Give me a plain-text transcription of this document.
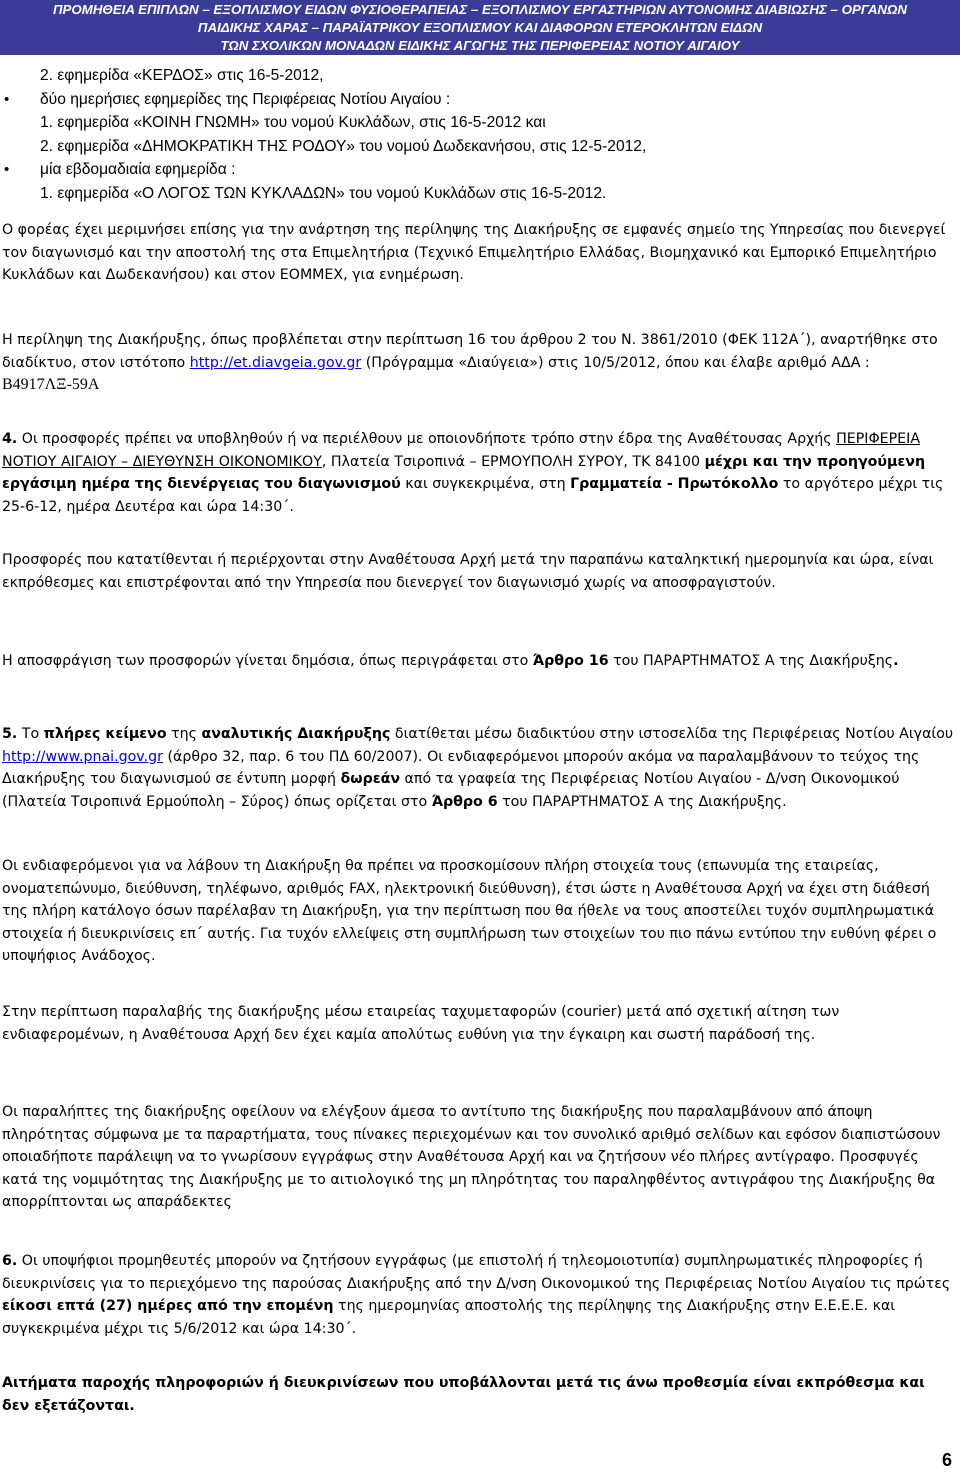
ΠΡΟΜΗΘΕΙΑ ΕΠΙΠΛΩΝ – ΕΞΟΠΛΙΣΜΟΥ ΕΙΔΩΝ ΦΥΣΙΟΘΕΡΑΠΕΙΑΣ – ΕΞΟΠΛΙΣΜΟΥ ΕΡΓΑΣΤΗΡΙΩΝ ΑΥΤΟΝΟΜΗΣ ΔΙΑΒΙΩΣΗΣ – ΟΡΓΑΝΩΝ
ΠΑΙΔΙΚΗΣ ΧΑΡΑΣ – ΠΑΡΑΪΑΤΡΙΚΟΥ ΕΞΟΠΛΙΣΜΟΥ ΚΑΙ ΔΙΑΦΟΡΩΝ ΕΤΕΡΟΚΛΗΤΩΝ ΕΙΔΩΝ
ΤΩΝ ΣΧΟΛΙΚΩΝ ΜΟΝΑΔΩΝ ΕΙΔΙΚΗΣ ΑΓΩΓΗΣ ΤΗΣ ΠΕΡΙΦΕΡΕΙΑΣ ΝΟΤΙΟΥ ΑΙΓΑΙΟΥ
2. εφημερίδα «ΚΕΡΔΟΣ» στις 16-5-2012,
• δύο ημερήσιες εφημερίδες της Περιφέρειας Νοτίου Αιγαίου :
1. εφημερίδα «ΚΟΙΝΗ ΓΝΩΜΗ» του νομού Κυκλάδων, στις 16-5-2012 και
2. εφημερίδα «ΔΗΜΟΚΡΑΤΙΚΗ ΤΗΣ ΡΟΔΟΥ» του νομού Δωδεκανήσου, στις 12-5-2012,
• μία εβδομαδιαία εφημερίδα :
1. εφημερίδα «Ο ΛΟΓΟΣ ΤΩΝ ΚΥΚΛΑΔΩΝ» του νομού Κυκλάδων στις 16-5-2012.

Ο φορέας έχει μεριμνήσει επίσης για την ανάρτηση της περίληψης της Διακήρυξης σε εμφανές σημείο της Υπηρεσίας που διενεργεί τον διαγωνισμό και την αποστολή της στα Επιμελητήρια (Τεχνικό Επιμελητήριο Ελλάδας, Βιομηχανικό και Εμπορικό Επιμελητήριο Κυκλάδων και Δωδεκανήσου) και στον ΕΟΜΜΕΧ, για ενημέρωση.

Η περίληψη της Διακήρυξης, όπως προβλέπεται στην περίπτωση 16 του άρθρου 2 του Ν. 3861/2010 (ΦΕΚ 112Α΄), αναρτήθηκε στο διαδίκτυο, στον ιστότοπο http://et.diavgeia.gov.gr (Πρόγραμμα «Διαύγεια») στις 10/5/2012, όπου και έλαβε αριθμό ΑΔΑ : Β4917ΛΞ-59Α

4. Οι προσφορές πρέπει να υποβληθούν ή να περιέλθουν με οποιονδήποτε τρόπο στην έδρα της Αναθέτουσας Αρχής ΠΕΡΙΦΕΡΕΙΑ ΝΟΤΙΟΥ ΑΙΓΑΙΟΥ – ΔΙΕΥΘΥΝΣΗ ΟΙΚΟΝΟΜΙΚΟΥ, Πλατεία Τσιροπινά – ΕΡΜΟΥΠΟΛΗ ΣΥΡΟΥ, ΤΚ 84100 μέχρι και την προηγούμενη εργάσιμη ημέρα της διενέργειας του διαγωνισμού και συγκεκριμένα, στη Γραμματεία - Πρωτόκολλο το αργότερο μέχρι τις 25-6-12, ημέρα Δευτέρα και ώρα 14:30΄.

Προσφορές που κατατίθενται ή περιέρχονται στην Αναθέτουσα Αρχή μετά την παραπάνω καταληκτική ημερομηνία και ώρα, είναι εκπρόθεσμες και επιστρέφονται από την Υπηρεσία που διενεργεί τον διαγωνισμό χωρίς να αποσφραγιστούν.

Η αποσφράγιση των προσφορών γίνεται δημόσια, όπως περιγράφεται στο Άρθρο 16 του ΠΑΡΑΡΤΗΜΑΤΟΣ Α της Διακήρυξης.

5. Το πλήρες κείμενο της αναλυτικής Διακήρυξης διατίθεται μέσω διαδικτύου στην ιστοσελίδα της Περιφέρειας Νοτίου Αιγαίου http://www.pnai.gov.gr (άρθρο 32, παρ. 6 του ΠΔ 60/2007). Οι ενδιαφερόμενοι μπορούν ακόμα να παραλαμβάνουν το τεύχος της Διακήρυξης του διαγωνισμού σε έντυπη μορφή δωρεάν από τα γραφεία της Περιφέρειας Νοτίου Αιγαίου - Δ/νση Οικονομικού (Πλατεία Τσιροπινά Ερμούπολη – Σύρος) όπως ορίζεται στο Άρθρο 6 του ΠΑΡΑΡΤΗΜΑΤΟΣ Α της Διακήρυξης.

Οι ενδιαφερόμενοι για να λάβουν τη Διακήρυξη θα πρέπει να προσκομίσουν πλήρη στοιχεία τους (επωνυμία της εταιρείας, ονοματεπώνυμο, διεύθυνση, τηλέφωνο, αριθμός FAX, ηλεκτρονική διεύθυνση), έτσι ώστε η Αναθέτουσα Αρχή να έχει στη διάθεσή της πλήρη κατάλογο όσων παρέλαβαν τη Διακήρυξη, για την περίπτωση που θα ήθελε να τους αποστείλει τυχόν συμπληρωματικά στοιχεία ή διευκρινίσεις επ΄ αυτής. Για τυχόν ελλείψεις στη συμπλήρωση των στοιχείων του πιο πάνω εντύπου την ευθύνη φέρει ο υποψήφιος Ανάδοχος.

Στην περίπτωση παραλαβής της διακήρυξης μέσω εταιρείας ταχυμεταφορών (courier) μετά από σχετική αίτηση των ενδιαφερομένων, η Αναθέτουσα Αρχή δεν έχει καμία απολύτως ευθύνη για την έγκαιρη και σωστή παράδοσή της.

Οι παραλήπτες της διακήρυξης οφείλουν να ελέγξουν άμεσα το αντίτυπο της διακήρυξης που παραλαμβάνουν από άποψη πληρότητας σύμφωνα με τα παραρτήματα, τους πίνακες περιεχομένων και τον συνολικό αριθμό σελίδων και εφόσον διαπιστώσουν οποιαδήποτε παράλειψη να το γνωρίσουν εγγράφως στην Αναθέτουσα Αρχή και να ζητήσουν νέο πλήρες αντίγραφο. Προσφυγές κατά της νομιμότητας της Διακήρυξης με το αιτιολογικό της μη πληρότητας του παραληφθέντος αντιγράφου της Διακήρυξης θα απορρίπτονται ως απαράδεκτες

6. Οι υποψήφιοι προμηθευτές μπορούν να ζητήσουν εγγράφως (με επιστολή ή τηλεομοιοτυπία) συμπληρωματικές πληροφορίες ή διευκρινίσεις για το περιεχόμενο της παρούσας Διακήρυξης από την Δ/νση Οικονομικού της Περιφέρειας Νοτίου Αιγαίου τις πρώτες είκοσι επτά (27) ημέρες από την επομένη της ημερομηνίας αποστολής της περίληψης της Διακήρυξης στην Ε.Ε.Ε.Ε. και συγκεκριμένα μέχρι τις 5/6/2012 και ώρα 14:30΄.

Αιτήματα παροχής πληροφοριών ή διευκρινίσεων που υποβάλλονται μετά τις άνω προθεσμία είναι εκπρόθεσμα και δεν εξετάζονται.

6
